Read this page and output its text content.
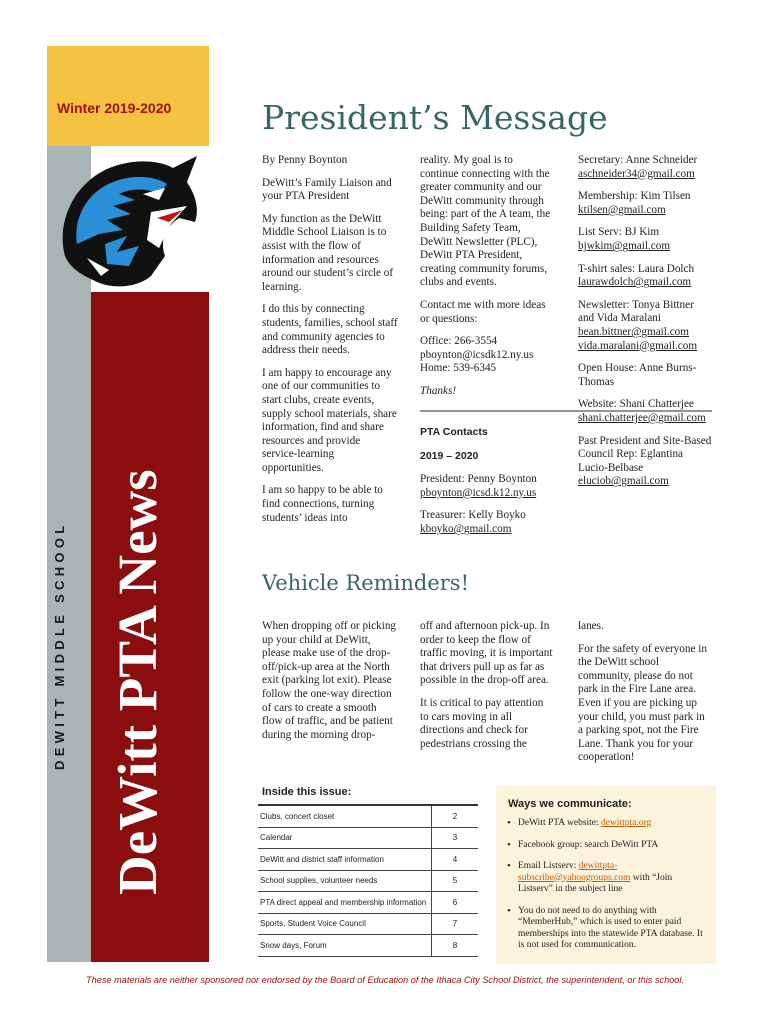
Winter 2019-2020
DEWITT MIDDLE SCHOOL DeWitt PTA News
President’s Message

By Penny Boynton

DeWitt’s Family Liaison and your PTA President

My function as the DeWitt Middle School Liaison is to assist with the flow of information and resources around our student’s circle of learning.

I do this by connecting students, families, school staff and community agencies to address their needs.

I am happy to encourage any one of our communities to start clubs, create events, supply school materials, share information, find and share resources and provide service-learning opportunities.

I am so happy to be able to find connections, turning students’ ideas into

reality. My goal is to continue connecting with the greater community and our DeWitt community through being: part of the A team, the Building Safety Team, DeWitt Newsletter (PLC), DeWitt PTA President, creating community forums, clubs and events.

Contact me with more ideas or questions:

Office: 266-3554
pboynton@icsdk12.ny.us
Home: 539-6345

Thanks!

PTA Contacts
2019 – 2020

President: Penny Boynton
pboynton@icsd.k12.ny.us

Treasurer: Kelly Boyko
kboyko@gmail.com

Secretary: Anne Schneider
aschneider34@gmail.com

Membership: Kim Tilsen
ktilsen@gmail.com

List Serv: BJ Kim
bjwkim@gmail.com

T-shirt sales: Laura Dolch
laurawdolch@gmail.com

Newsletter: Tonya Bittner and Vida Maralani
bean.bittner@gmail.com
vida.maralani@gmail.com

Open House: Anne Burns-Thomas

Website: Shani Chatterjee
shani.chatterjee@gmail.com

Past President and Site-Based Council Rep: Eglantina Lucio-Belbase
eluciob@gmail.com

Vehicle Reminders!

When dropping off or picking up your child at DeWitt, please make use of the drop-off/pick-up area at the North exit (parking lot exit). Please follow the one-way direction of cars to create a smooth flow of traffic, and be patient during the morning drop-

off and afternoon pick-up. In order to keep the flow of traffic moving, it is important that drivers pull up as far as possible in the drop-off area.

It is critical to pay attention to cars moving in all directions and check for pedestrians crossing the

lanes.

For the safety of everyone in the DeWitt school community, please do not park in the Fire Lane area. Even if you are picking up your child, you must park in a parking spot, not the Fire Lane. Thank you for your cooperation!

Inside this issue:
Clubs, concert closet	2
Calendar	3
DeWitt and district staff information	4
School supplies, volunteer needs	5
PTA direct appeal and membership information	6
Sports, Student Voice Council	7
Snow days, Forum	8
Ways we communicate:
• DeWitt PTA website: dewittpta.org
• Facebook group: search DeWitt PTA
• Email Listserv: dewittpta-subscribe@yahoogroups.com with “Join Listserv” in the subject line
• You do not need to do anything with “MemberHub,” which is used to enter paid memberships into the statewide PTA database. It is not used for communication.
These materials are neither sponsored nor endorsed by the Board of Education of the Ithaca City School District, the superintendent, or this school.
